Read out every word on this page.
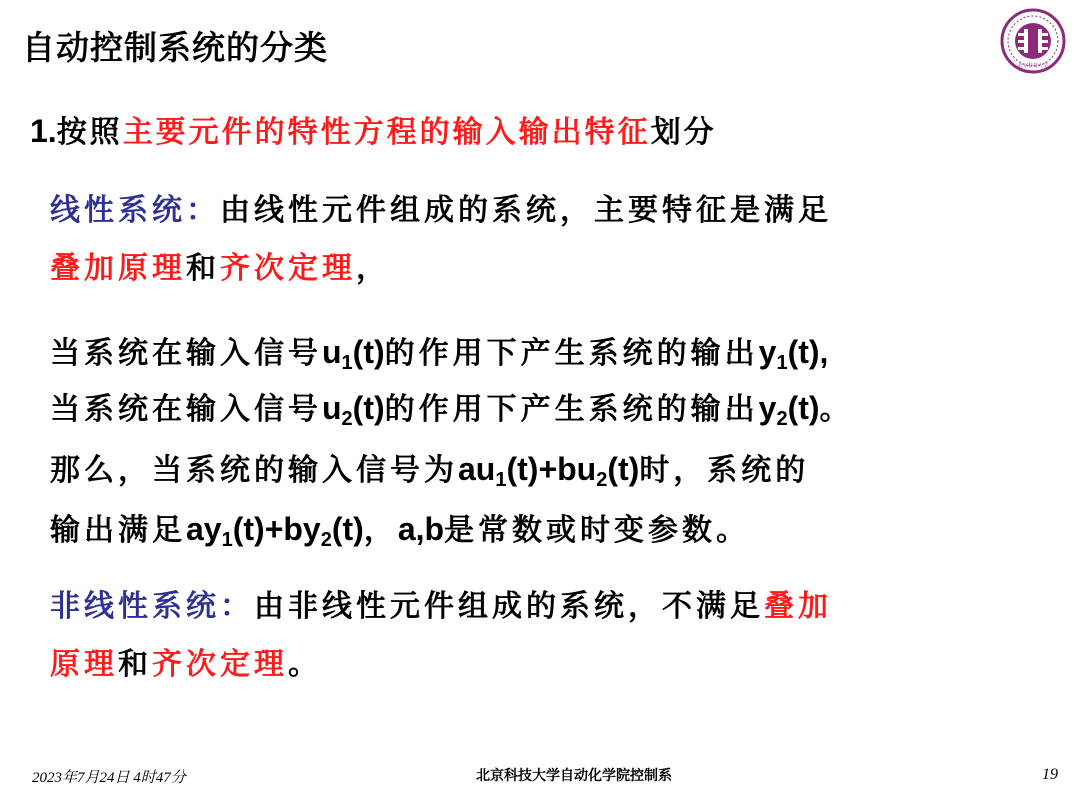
自动控制系统的分类	北京科技大学
1.按照主要元件的特性方程的输入输出特征划分
线性系统：由线性元件组成的系统，主要特征是满足
叠加原理和齐次定理，
当系统在输入信号$u_1(t)$的作用下产生系统的输出$y_1(t)$,
当系统在输入信号$u_2(t)$的作用下产生系统的输出$y_2(t)$。
那么，当系统的输入信号为$au_1(t)+bu_2(t)$时，系统的
输出满足$ay_1(t)+by_2(t)$，a,b是常数或时变参数。
非线性系统：由非线性元件组成的系统，不满足叠加
原理和齐次定理。
2023年7月24日 4时47分	北京科技大学自动化学院控制系	19
